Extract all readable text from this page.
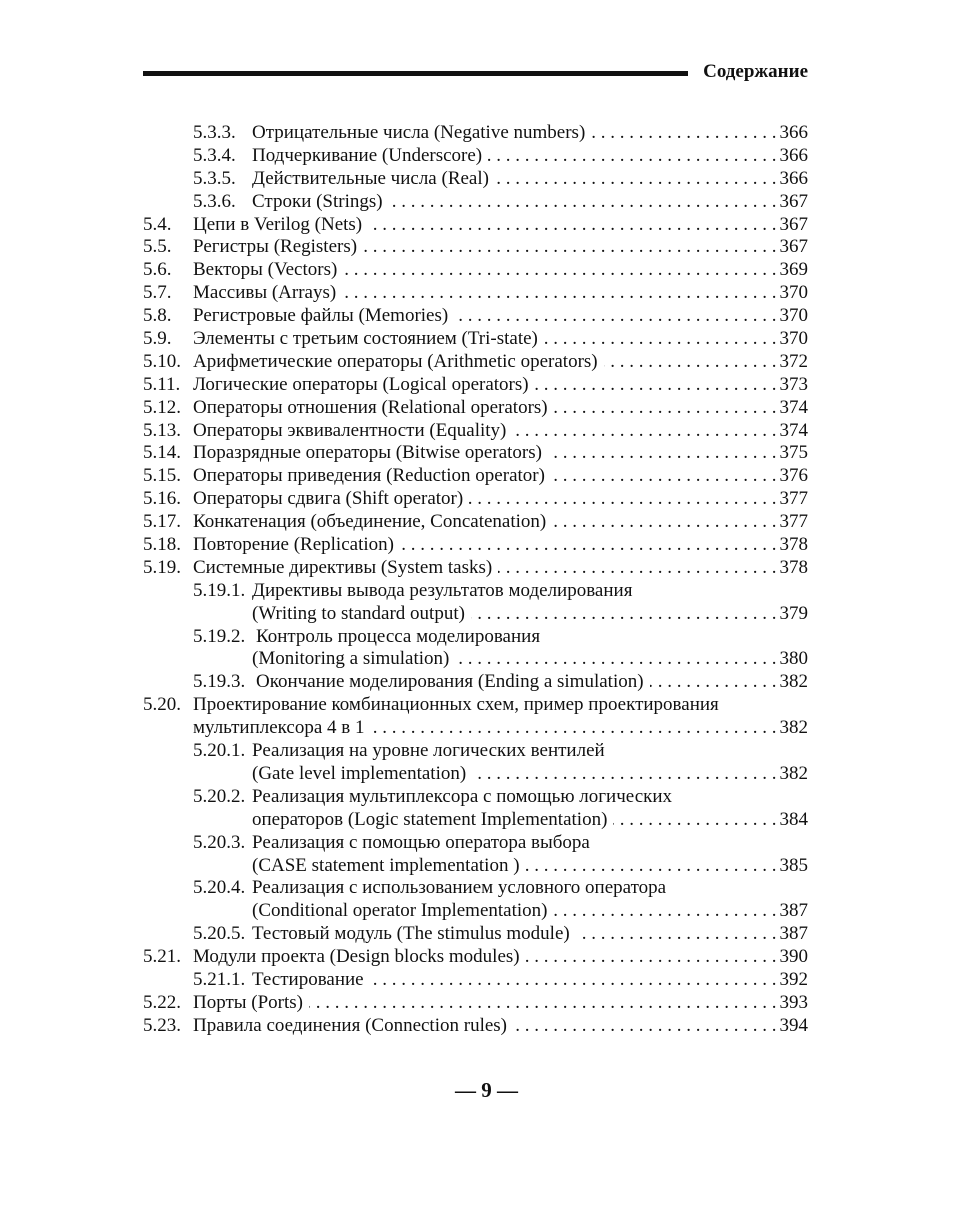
Содержание
5.3.3. Отрицательные числа (Negative numbers) . . .	366
5.3.4. Подчеркивание (Underscore) . . .	366
5.3.5. Действительные числа (Real) . . .	366
5.3.6. Строки (Strings) . . .	367
5.4. Цепи в Verilog (Nets) . . .	367
5.5. Регистры (Registers) . . .	367
5.6. Векторы (Vectors) . . .	369
5.7. Массивы (Arrays) . . .	370
5.8. Регистровые файлы (Memories) . . .	370
5.9. Элементы с третьим состоянием (Tri-state) . . .	370
5.10. Арифметические операторы (Arithmetic operators) . . .	372
5.11. Логические операторы (Logical operators) . . .	373
5.12. Операторы отношения (Relational operators) . . .	374
5.13. Операторы эквивалентности (Equality) . . .	374
5.14. Поразрядные операторы (Bitwise operators) . . .	375
5.15. Операторы приведения (Reduction operator) . . .	376
5.16. Операторы сдвига (Shift operator) . . .	377
5.17. Конкатенация (объединение, Concatenation) . . .	377
5.18. Повторение (Replication) . . .	378
5.19. Системные директивы (System tasks) . . .	378
5.19.1. Директивы вывода результатов моделирования
(Writing to standard output) . . .	379
5.19.2. Контроль процесса моделирования
(Monitoring a simulation) . . .	380
5.19.3. Окончание моделирования (Ending a simulation) . . .	382
5.20. Проектирование комбинационных схем, пример проектирования
мультиплексора 4 в 1 . . .	382
5.20.1. Реализация на уровне логических вентилей
(Gate level implementation) . . .	382
5.20.2. Реализация мультиплексора с помощью логических
операторов (Logic statement Implementation) . . .	384
5.20.3. Реализация с помощью оператора выбора
(CASE statement implementation ) . . .	385
5.20.4. Реализация с использованием условного оператора
(Conditional operator Implementation) . . .	387
5.20.5. Тестовый модуль (The stimulus module) . . .	387
5.21. Модули проекта (Design blocks modules) . . .	390
5.21.1. Тестирование . . .	392
5.22. Порты (Ports) . . .	393
5.23. Правила соединения (Connection rules) . . .	394
— 9 —
